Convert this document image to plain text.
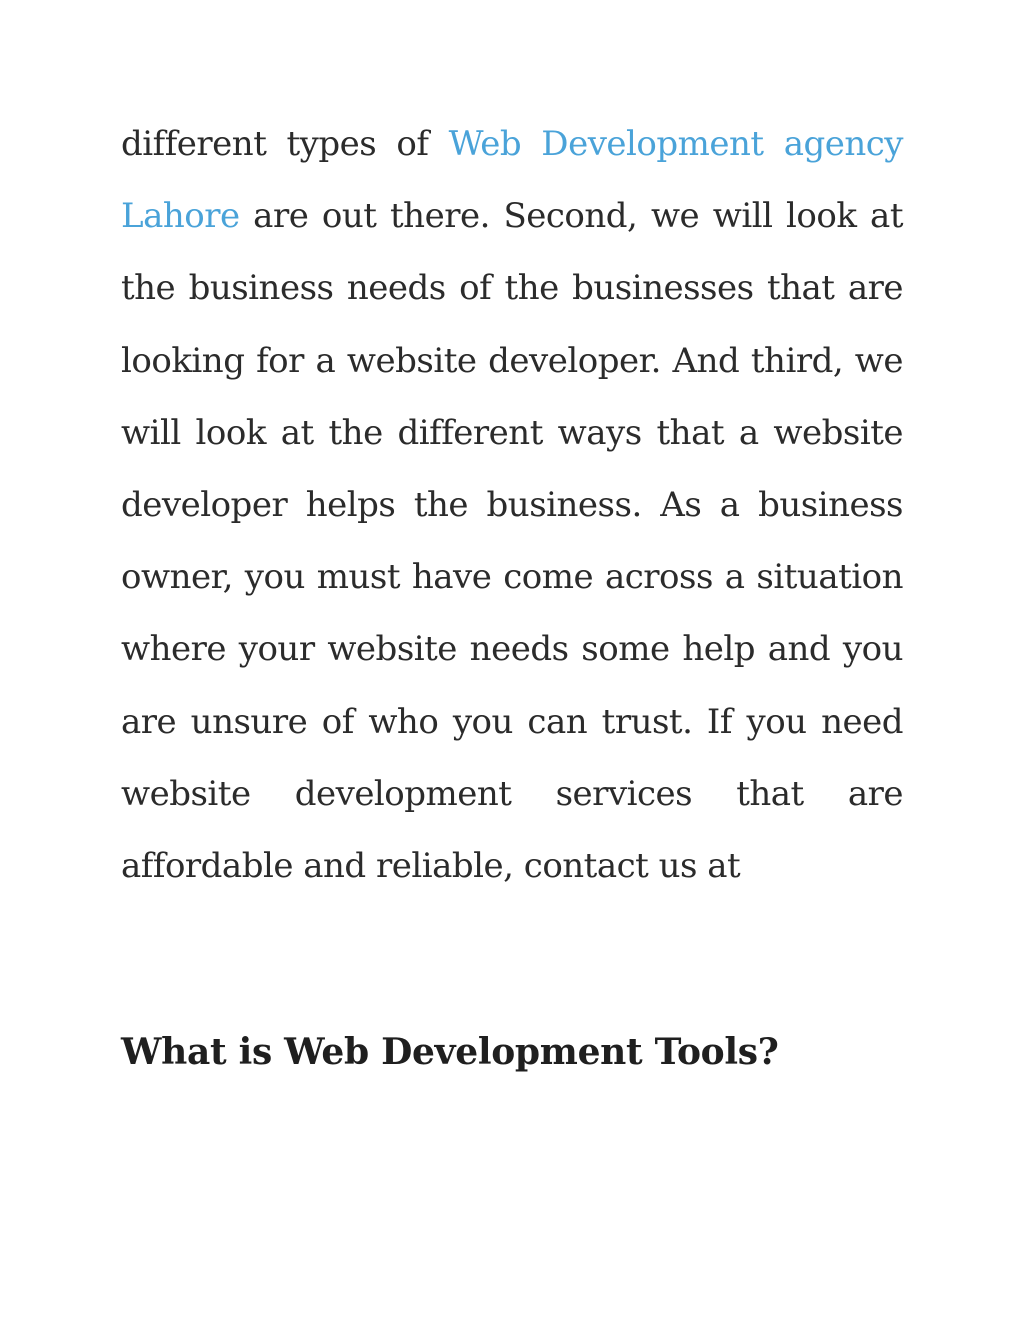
different types of Web Development agency Lahore are out there. Second, we will look at the business needs of the businesses that are looking for a website developer. And third, we will look at the different ways that a website developer helps the business. As a business owner, you must have come across a situation where your website needs some help and you are unsure of who you can trust. If you need website development services that are affordable and reliable, contact us at

What is Web Development Tools?
